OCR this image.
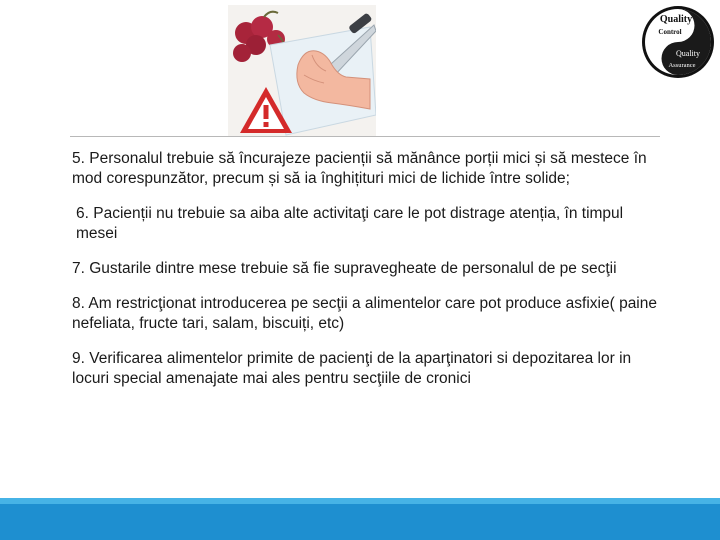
Quality
Control
Quality
Assurance

5. Personalul trebuie să încurajeze pacienții să mănânce porții mici și să mestece în mod corespunzător, precum și să ia înghițituri mici de lichide între solide;

6. Pacienții nu trebuie sa aiba alte activitaţi care le pot distrage atenția, în timpul mesei

7. Gustarile dintre mese trebuie să fie supravegheate de personalul de pe secţii

8. Am restricţionat introducerea pe secţii a alimentelor care pot produce asfixie( paine nefeliata, fructe tari, salam, biscuiți, etc)

9. Verificarea alimentelor primite de pacienţi de la aparţinatori si depozitarea lor in locuri special amenajate mai ales pentru secţiile de cronici
